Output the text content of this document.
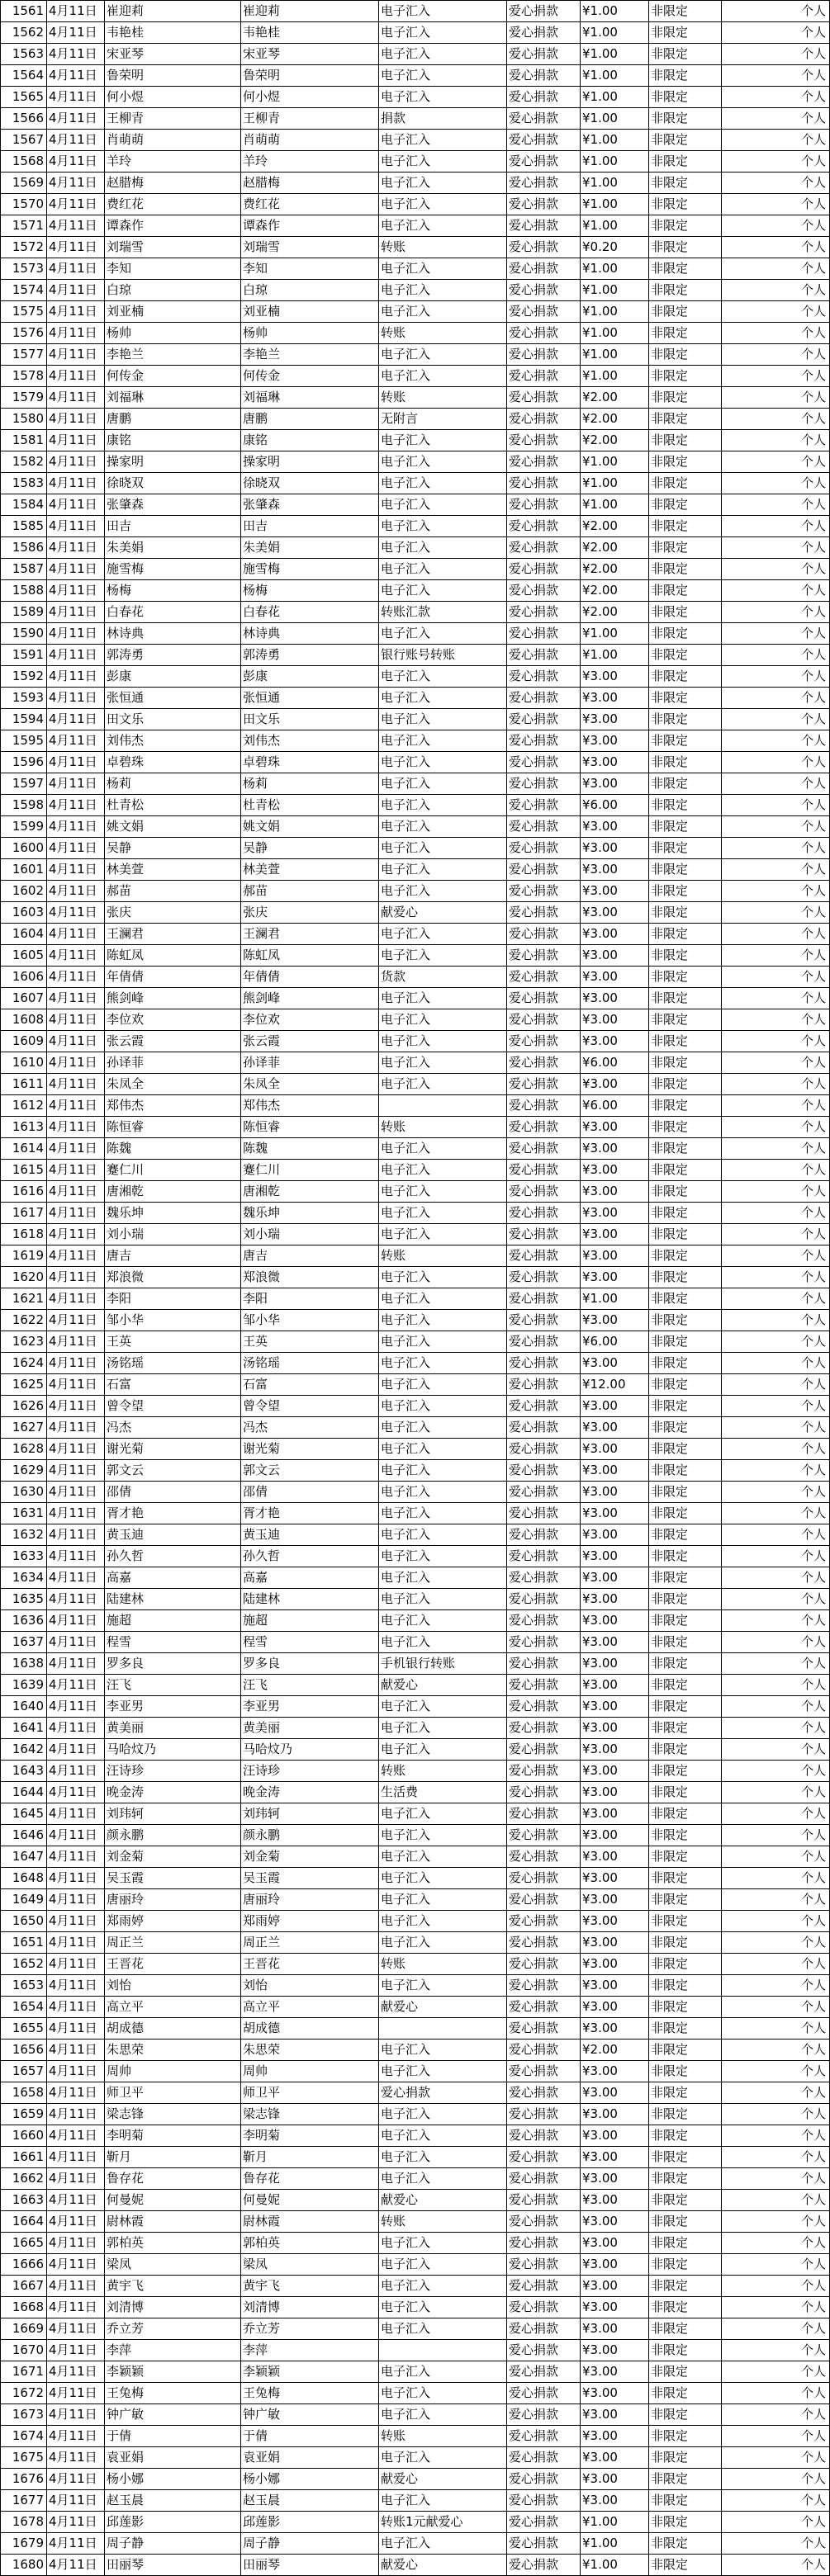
1561	4月11日	崔迎莉	崔迎莉	电子汇入	爱心捐款	¥1.00	非限定	个人
1562	4月11日	韦艳桂	韦艳桂	电子汇入	爱心捐款	¥1.00	非限定	个人
1563	4月11日	宋亚琴	宋亚琴	电子汇入	爱心捐款	¥1.00	非限定	个人
1564	4月11日	鲁荣明	鲁荣明	电子汇入	爱心捐款	¥1.00	非限定	个人
1565	4月11日	何小煜	何小煜	电子汇入	爱心捐款	¥1.00	非限定	个人
1566	4月11日	王柳青	王柳青	捐款	爱心捐款	¥1.00	非限定	个人
1567	4月11日	肖萌萌	肖萌萌	电子汇入	爱心捐款	¥1.00	非限定	个人
1568	4月11日	羊玲	羊玲	电子汇入	爱心捐款	¥1.00	非限定	个人
1569	4月11日	赵腊梅	赵腊梅	电子汇入	爱心捐款	¥1.00	非限定	个人
1570	4月11日	费红花	费红花	电子汇入	爱心捐款	¥1.00	非限定	个人
1571	4月11日	谭森作	谭森作	电子汇入	爱心捐款	¥1.00	非限定	个人
1572	4月11日	刘瑞雪	刘瑞雪	转账	爱心捐款	¥0.20	非限定	个人
1573	4月11日	李知	李知	电子汇入	爱心捐款	¥1.00	非限定	个人
1574	4月11日	白琼	白琼	电子汇入	爱心捐款	¥1.00	非限定	个人
1575	4月11日	刘亚楠	刘亚楠	电子汇入	爱心捐款	¥1.00	非限定	个人
1576	4月11日	杨帅	杨帅	转账	爱心捐款	¥1.00	非限定	个人
1577	4月11日	李艳兰	李艳兰	电子汇入	爱心捐款	¥1.00	非限定	个人
1578	4月11日	何传金	何传金	电子汇入	爱心捐款	¥1.00	非限定	个人
1579	4月11日	刘福琳	刘福琳	转账	爱心捐款	¥2.00	非限定	个人
1580	4月11日	唐鹏	唐鹏	无附言	爱心捐款	¥2.00	非限定	个人
1581	4月11日	康铭	康铭	电子汇入	爱心捐款	¥2.00	非限定	个人
1582	4月11日	操家明	操家明	电子汇入	爱心捐款	¥1.00	非限定	个人
1583	4月11日	徐晓双	徐晓双	电子汇入	爱心捐款	¥1.00	非限定	个人
1584	4月11日	张肇森	张肇森	电子汇入	爱心捐款	¥1.00	非限定	个人
1585	4月11日	田吉	田吉	电子汇入	爱心捐款	¥2.00	非限定	个人
1586	4月11日	朱美娟	朱美娟	电子汇入	爱心捐款	¥2.00	非限定	个人
1587	4月11日	施雪梅	施雪梅	电子汇入	爱心捐款	¥2.00	非限定	个人
1588	4月11日	杨梅	杨梅	电子汇入	爱心捐款	¥2.00	非限定	个人
1589	4月11日	白春花	白春花	转账汇款	爱心捐款	¥2.00	非限定	个人
1590	4月11日	林诗典	林诗典	电子汇入	爱心捐款	¥1.00	非限定	个人
1591	4月11日	郭涛勇	郭涛勇	银行账号转账	爱心捐款	¥1.00	非限定	个人
1592	4月11日	彭康	彭康	电子汇入	爱心捐款	¥3.00	非限定	个人
1593	4月11日	张恒通	张恒通	电子汇入	爱心捐款	¥3.00	非限定	个人
1594	4月11日	田文乐	田文乐	电子汇入	爱心捐款	¥3.00	非限定	个人
1595	4月11日	刘伟杰	刘伟杰	电子汇入	爱心捐款	¥3.00	非限定	个人
1596	4月11日	卓碧珠	卓碧珠	电子汇入	爱心捐款	¥3.00	非限定	个人
1597	4月11日	杨莉	杨莉	电子汇入	爱心捐款	¥3.00	非限定	个人
1598	4月11日	杜青松	杜青松	电子汇入	爱心捐款	¥6.00	非限定	个人
1599	4月11日	姚文娟	姚文娟	电子汇入	爱心捐款	¥3.00	非限定	个人
1600	4月11日	吴静	吴静	电子汇入	爱心捐款	¥3.00	非限定	个人
1601	4月11日	林美萱	林美萱	电子汇入	爱心捐款	¥3.00	非限定	个人
1602	4月11日	郝苗	郝苗	电子汇入	爱心捐款	¥3.00	非限定	个人
1603	4月11日	张庆	张庆	献爱心	爱心捐款	¥3.00	非限定	个人
1604	4月11日	王澜君	王澜君	电子汇入	爱心捐款	¥3.00	非限定	个人
1605	4月11日	陈虹凤	陈虹凤	电子汇入	爱心捐款	¥3.00	非限定	个人
1606	4月11日	年倩倩	年倩倩	货款	爱心捐款	¥3.00	非限定	个人
1607	4月11日	熊剑峰	熊剑峰	电子汇入	爱心捐款	¥3.00	非限定	个人
1608	4月11日	李位欢	李位欢	电子汇入	爱心捐款	¥3.00	非限定	个人
1609	4月11日	张云霞	张云霞	电子汇入	爱心捐款	¥3.00	非限定	个人
1610	4月11日	孙译菲	孙译菲	电子汇入	爱心捐款	¥6.00	非限定	个人
1611	4月11日	朱凤全	朱凤全	电子汇入	爱心捐款	¥3.00	非限定	个人
1612	4月11日	郑伟杰	郑伟杰		爱心捐款	¥6.00	非限定	个人
1613	4月11日	陈恒睿	陈恒睿	转账	爱心捐款	¥3.00	非限定	个人
1614	4月11日	陈魏	陈魏	电子汇入	爱心捐款	¥3.00	非限定	个人
1615	4月11日	蹇仁川	蹇仁川	电子汇入	爱心捐款	¥3.00	非限定	个人
1616	4月11日	唐湘乾	唐湘乾	电子汇入	爱心捐款	¥3.00	非限定	个人
1617	4月11日	魏乐坤	魏乐坤	电子汇入	爱心捐款	¥3.00	非限定	个人
1618	4月11日	刘小瑞	刘小瑞	电子汇入	爱心捐款	¥3.00	非限定	个人
1619	4月11日	唐吉	唐吉	转账	爱心捐款	¥3.00	非限定	个人
1620	4月11日	郑浪微	郑浪微	电子汇入	爱心捐款	¥3.00	非限定	个人
1621	4月11日	李阳	李阳	电子汇入	爱心捐款	¥1.00	非限定	个人
1622	4月11日	邹小华	邹小华	电子汇入	爱心捐款	¥3.00	非限定	个人
1623	4月11日	王英	王英	电子汇入	爱心捐款	¥6.00	非限定	个人
1624	4月11日	汤铭瑶	汤铭瑶	电子汇入	爱心捐款	¥3.00	非限定	个人
1625	4月11日	石富	石富	电子汇入	爱心捐款	¥12.00	非限定	个人
1626	4月11日	曾令望	曾令望	电子汇入	爱心捐款	¥3.00	非限定	个人
1627	4月11日	冯杰	冯杰	电子汇入	爱心捐款	¥3.00	非限定	个人
1628	4月11日	谢光菊	谢光菊	电子汇入	爱心捐款	¥3.00	非限定	个人
1629	4月11日	郭文云	郭文云	电子汇入	爱心捐款	¥3.00	非限定	个人
1630	4月11日	邵倩	邵倩	电子汇入	爱心捐款	¥3.00	非限定	个人
1631	4月11日	胥才艳	胥才艳	电子汇入	爱心捐款	¥3.00	非限定	个人
1632	4月11日	黄玉迪	黄玉迪	电子汇入	爱心捐款	¥3.00	非限定	个人
1633	4月11日	孙久哲	孙久哲	电子汇入	爱心捐款	¥3.00	非限定	个人
1634	4月11日	高嘉	高嘉	电子汇入	爱心捐款	¥3.00	非限定	个人
1635	4月11日	陆建林	陆建林	电子汇入	爱心捐款	¥3.00	非限定	个人
1636	4月11日	施超	施超	电子汇入	爱心捐款	¥3.00	非限定	个人
1637	4月11日	程雪	程雪	电子汇入	爱心捐款	¥3.00	非限定	个人
1638	4月11日	罗多良	罗多良	手机银行转账	爱心捐款	¥3.00	非限定	个人
1639	4月11日	汪飞	汪飞	献爱心	爱心捐款	¥3.00	非限定	个人
1640	4月11日	李亚男	李亚男	电子汇入	爱心捐款	¥3.00	非限定	个人
1641	4月11日	黄美丽	黄美丽	电子汇入	爱心捐款	¥3.00	非限定	个人
1642	4月11日	马哈炆乃	马哈炆乃	电子汇入	爱心捐款	¥3.00	非限定	个人
1643	4月11日	汪诗珍	汪诗珍	转账	爱心捐款	¥3.00	非限定	个人
1644	4月11日	晚金涛	晚金涛	生活费	爱心捐款	¥3.00	非限定	个人
1645	4月11日	刘玮轲	刘玮轲	电子汇入	爱心捐款	¥3.00	非限定	个人
1646	4月11日	颜永鹏	颜永鹏	电子汇入	爱心捐款	¥3.00	非限定	个人
1647	4月11日	刘金菊	刘金菊	电子汇入	爱心捐款	¥3.00	非限定	个人
1648	4月11日	吴玉霞	吴玉霞	电子汇入	爱心捐款	¥3.00	非限定	个人
1649	4月11日	唐丽玲	唐丽玲	电子汇入	爱心捐款	¥3.00	非限定	个人
1650	4月11日	郑雨婷	郑雨婷	电子汇入	爱心捐款	¥3.00	非限定	个人
1651	4月11日	周正兰	周正兰	电子汇入	爱心捐款	¥3.00	非限定	个人
1652	4月11日	王晋花	王晋花	转账	爱心捐款	¥3.00	非限定	个人
1653	4月11日	刘怡	刘怡	电子汇入	爱心捐款	¥3.00	非限定	个人
1654	4月11日	高立平	高立平	献爱心	爱心捐款	¥3.00	非限定	个人
1655	4月11日	胡成德	胡成德		爱心捐款	¥3.00	非限定	个人
1656	4月11日	朱思荣	朱思荣	电子汇入	爱心捐款	¥2.00	非限定	个人
1657	4月11日	周帅	周帅	电子汇入	爱心捐款	¥3.00	非限定	个人
1658	4月11日	师卫平	师卫平	爱心捐款	爱心捐款	¥3.00	非限定	个人
1659	4月11日	梁志锋	梁志锋	电子汇入	爱心捐款	¥3.00	非限定	个人
1660	4月11日	李明菊	李明菊	电子汇入	爱心捐款	¥3.00	非限定	个人
1661	4月11日	靳月	靳月	电子汇入	爱心捐款	¥3.00	非限定	个人
1662	4月11日	鲁存花	鲁存花	电子汇入	爱心捐款	¥3.00	非限定	个人
1663	4月11日	何曼妮	何曼妮	献爱心	爱心捐款	¥3.00	非限定	个人
1664	4月11日	尉林霞	尉林霞	转账	爱心捐款	¥3.00	非限定	个人
1665	4月11日	郭柏英	郭柏英	电子汇入	爱心捐款	¥3.00	非限定	个人
1666	4月11日	梁凤	梁凤	电子汇入	爱心捐款	¥3.00	非限定	个人
1667	4月11日	黄宇飞	黄宇飞	电子汇入	爱心捐款	¥3.00	非限定	个人
1668	4月11日	刘清博	刘清博	电子汇入	爱心捐款	¥3.00	非限定	个人
1669	4月11日	乔立芳	乔立芳	电子汇入	爱心捐款	¥3.00	非限定	个人
1670	4月11日	李萍	李萍		爱心捐款	¥3.00	非限定	个人
1671	4月11日	李颖颖	李颖颖	电子汇入	爱心捐款	¥3.00	非限定	个人
1672	4月11日	王兔梅	王兔梅	电子汇入	爱心捐款	¥3.00	非限定	个人
1673	4月11日	钟广敏	钟广敏	电子汇入	爱心捐款	¥3.00	非限定	个人
1674	4月11日	于倩	于倩	转账	爱心捐款	¥3.00	非限定	个人
1675	4月11日	袁亚娟	袁亚娟	电子汇入	爱心捐款	¥3.00	非限定	个人
1676	4月11日	杨小娜	杨小娜	献爱心	爱心捐款	¥3.00	非限定	个人
1677	4月11日	赵玉晨	赵玉晨	电子汇入	爱心捐款	¥3.00	非限定	个人
1678	4月11日	邱莲影	邱莲影	转账1元献爱心	爱心捐款	¥1.00	非限定	个人
1679	4月11日	周子静	周子静	电子汇入	爱心捐款	¥1.00	非限定	个人
1680	4月11日	田丽琴	田丽琴	献爱心	爱心捐款	¥1.00	非限定	个人
